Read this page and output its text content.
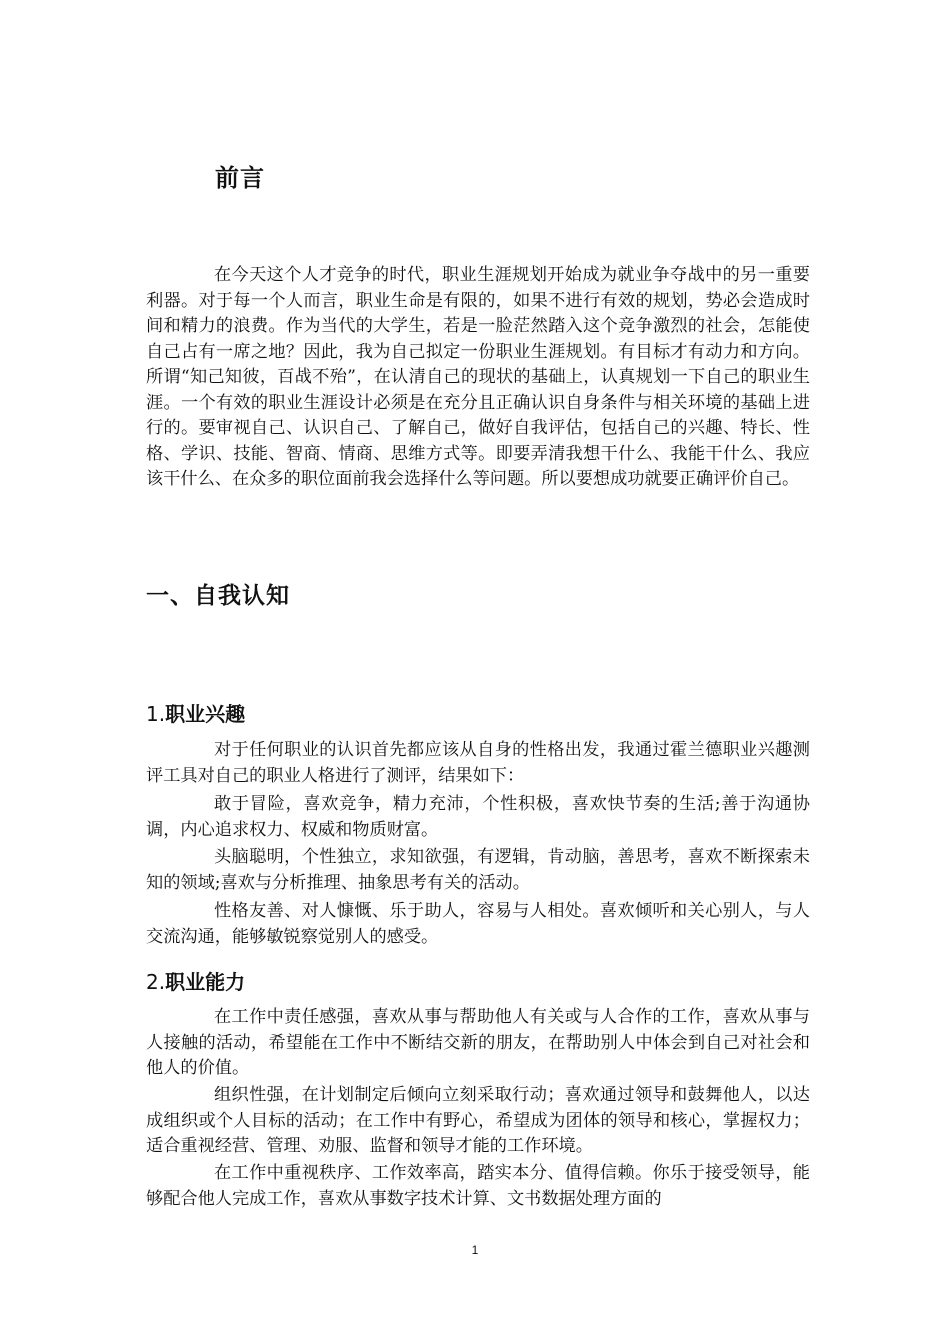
前言

在今天这个人才竞争的时代，职业生涯规划开始成为就业争夺战中的另一重要利器。对于每一个人而言，职业生命是有限的，如果不进行有效的规划，势必会造成时间和精力的浪费。作为当代的大学生，若是一脸茫然踏入这个竞争激烈的社会，怎能使自己占有一席之地？因此，我为自己拟定一份职业生涯规划。有目标才有动力和方向。所谓“知己知彼，百战不殆”，在认清自己的现状的基础上，认真规划一下自己的职业生涯。一个有效的职业生涯设计必须是在充分且正确认识自身条件与相关环境的基础上进行的。要审视自己、认识自己、了解自己，做好自我评估，包括自己的兴趣、特长、性格、学识、技能、智商、情商、思维方式等。即要弄清我想干什么、我能干什么、我应该干什么、在众多的职位面前我会选择什么等问题。所以要想成功就要正确评价自己。

一、自我认知
1.职业兴趣

对于任何职业的认识首先都应该从自身的性格出发，我通过霍兰德职业兴趣测评工具对自己的职业人格进行了测评，结果如下：

敢于冒险，喜欢竞争，精力充沛，个性积极，喜欢快节奏的生活;善于沟通协调，内心追求权力、权威和物质财富。

头脑聪明，个性独立，求知欲强，有逻辑，肯动脑，善思考，喜欢不断探索未知的领域;喜欢与分析推理、抽象思考有关的活动。

性格友善、对人慷慨、乐于助人，容易与人相处。喜欢倾听和关心别人，与人交流沟通，能够敏锐察觉别人的感受。

2.职业能力

在工作中责任感强，喜欢从事与帮助他人有关或与人合作的工作，喜欢从事与人接触的活动，希望能在工作中不断结交新的朋友，在帮助别人中体会到自己对社会和他人的价值。

组织性强，在计划制定后倾向立刻采取行动；喜欢通过领导和鼓舞他人，以达成组织或个人目标的活动；在工作中有野心，希望成为团体的领导和核心，掌握权力；适合重视经营、管理、劝服、监督和领导才能的工作环境。

在工作中重视秩序、工作效率高，踏实本分、值得信赖。你乐于接受领导，能够配合他人完成工作，喜欢从事数字技术计算、文书数据处理方面的

1
